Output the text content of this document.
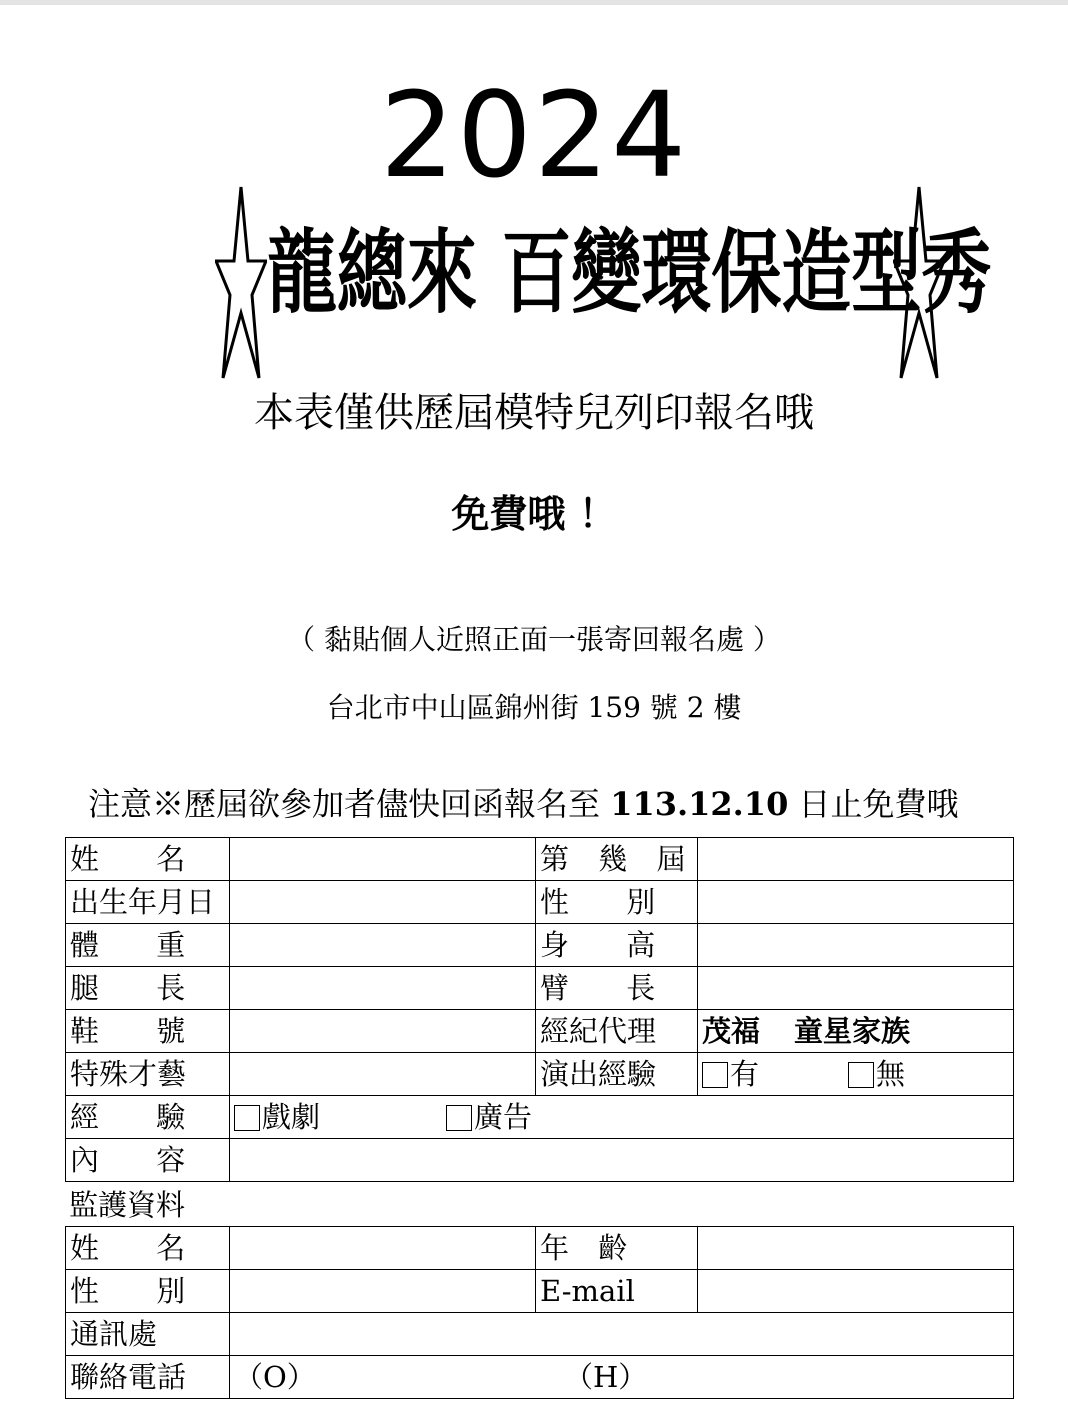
2024
龍總來 百變環保造型秀
本表僅供歷屆模特兒列印報名哦
免費哦 ！
（ 黏貼個人近照正面一張寄回報名處 ）
台北市中山區錦州街 159 號 2 樓
注意※歷屆欲參加者儘快回函報名至 113.12.10 日止免費哦
姓 名		第 幾 屆	
出生年月日		性 別	
體 重		身 高	
腿 長		臂 長	
鞋 號		經紀代理	茂福 童星家族
特殊才藝		演出經驗	有 無
經 驗	戲劇 廣告		
內 容			
監護資料
姓 名		年 齡	
性 別		E-mail	
通訊處			
聯絡電話	（O） （H）		
